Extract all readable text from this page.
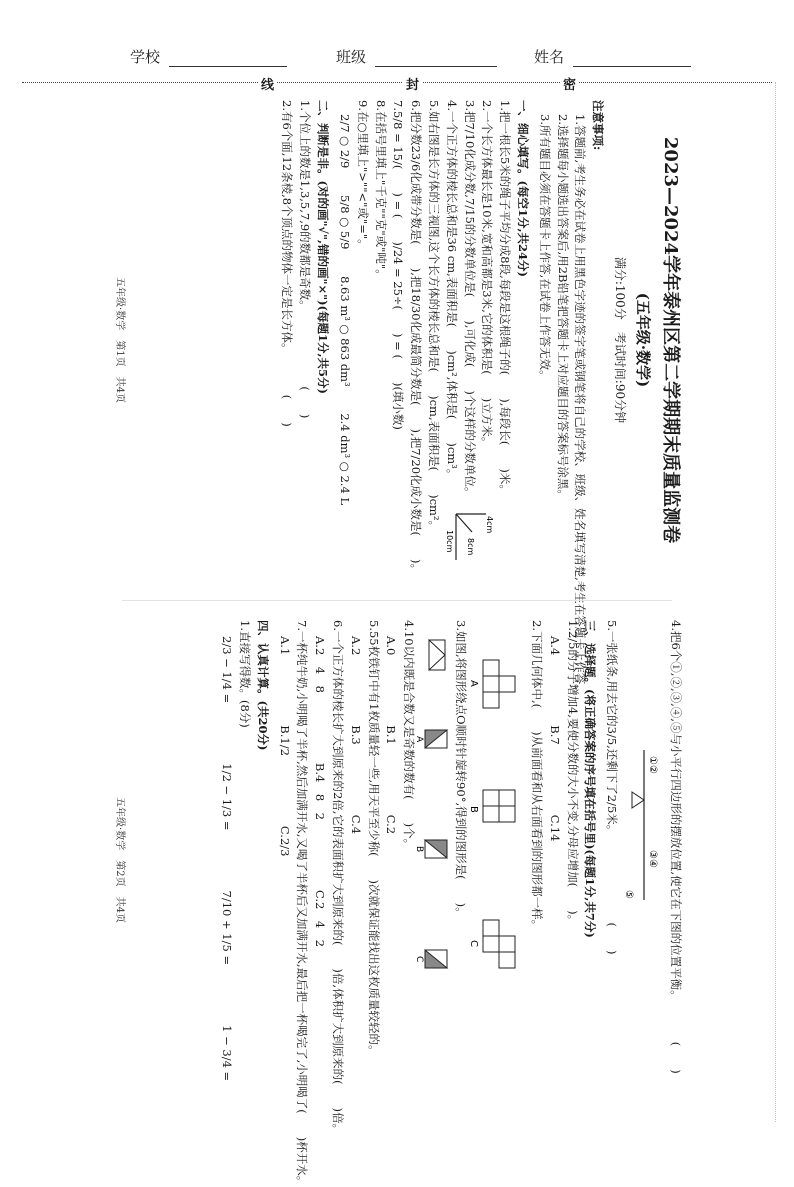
学校	班级	姓名
线	封	密
2023—2024学年泰州区第二学期期末质量监测卷
(五年级·数学)
满分:100分　考试时间:90分钟
注意事项:
1.答题前,考生务必在试卷上用黑色字迹的签字笔或钢笔将自己的学校、班级、姓名填写清楚,考生在答题卡上作答。
2.选择题每小题选出答案后,用2B铅笔把答题卡上对应题目的答案标号涂黑。
3.所有题目必须在答题卡上作答,在试卷上作答无效。
一、细心填写。(每空1分,共24分)
1.把一根长5米的绳子平均分成8段,每段是这根绳子的(　　),每段长(　　)米。
2.一个长方体最长是10米,宽和高都是3米,它的体积是(　　)立方米。
3.把7/10化成分数,7/15的分数单位是(　　),可化成(　　)个这样的分数单位。
4.一个正方体的棱长总和是36 cm,表面积是(　　)cm²,体积是(　　)cm³。
5.如右图是长方体的三视图,这个长方体的棱长总和是(　　)cm,表面积是(　　)cm²。
6.把分数23/6化成带分数是(　　),把18/30化成最简分数是(　　),把7/20化成小数是(　　)。
7.5/8 = 15/(　　) = (　　)/24 = 25÷(　　) = (　　)(填小数)
8.在括号里填上"千克""克"或"吨"。
9.在○里填上">""<"或"="。
2/7 ○ 2/9　　 5/8 ○ 5/9　　 8.63 m³ ○ 863 dm³　　 2.4 dm³ ○ 2.4 L
二、判断是非。(对的画"√",错的画"×")(每题1分,共5分)
1.个位上的数是1,3,5,7,9的数都是奇数。　　　　　　　(　　)
2.有6个面,12条棱,8个顶点的物体一定是长方体。　　　　(　　)
10cm 8cm
4cm
五年级·数学　第1页　共4页
4.把6个①,②,③,④,⑤与小平行四边形的摆放位置,使它在下图的位置平衡。　　　　(　　)
①②
③④
⑤
5.一张纸条,用去它的3/5,还剩下了2/5米。　　　　　　　　(　　)
三、选择题。(将正确答案的序号填在括号里)(每题1分,共7分)
1.2/5的分子增加4,要使分数的大小不变,分母应增加(　　)。
A.4
B.7
C.14
2.下面几何体中,(　　)从前面看和从右面看到的图形都一样。
A
B
C
3.如图,将图形绕点O顺时针旋转90°,得到的图形是(　　)。
A
B
C
4.10以内既是合数又是奇数的数有(　　)个。
A.0
B.1
C.2
5.55枚铁钉中有1枚质量轻一些,用天平至少称(　　)次就保证能找出这枚质量较轻的。
A.2
B.3
C.4
6.一个正方体的棱长扩大到原来的2倍,它的表面积扩大到原来的(　　)倍,体积扩大到原来的(　　)倍。
A.2　4　8
B.4　8　2
C.2　4　2
7.一杯纯牛奶,小明喝了半杯,然后加满开水,又喝了半杯后又加满开水,最后把一杯喝完了,小明喝了(　　)杯开水。
A.1
B.1/2
C.2/3
四、认真计算。(共20分)
1.直接写得数。(8分)
2/3 − 1/4 =
1/2 − 1/3 =
7/10 + 1/5 =
1 − 3/4 =
五年级·数学　第2页　共4页
